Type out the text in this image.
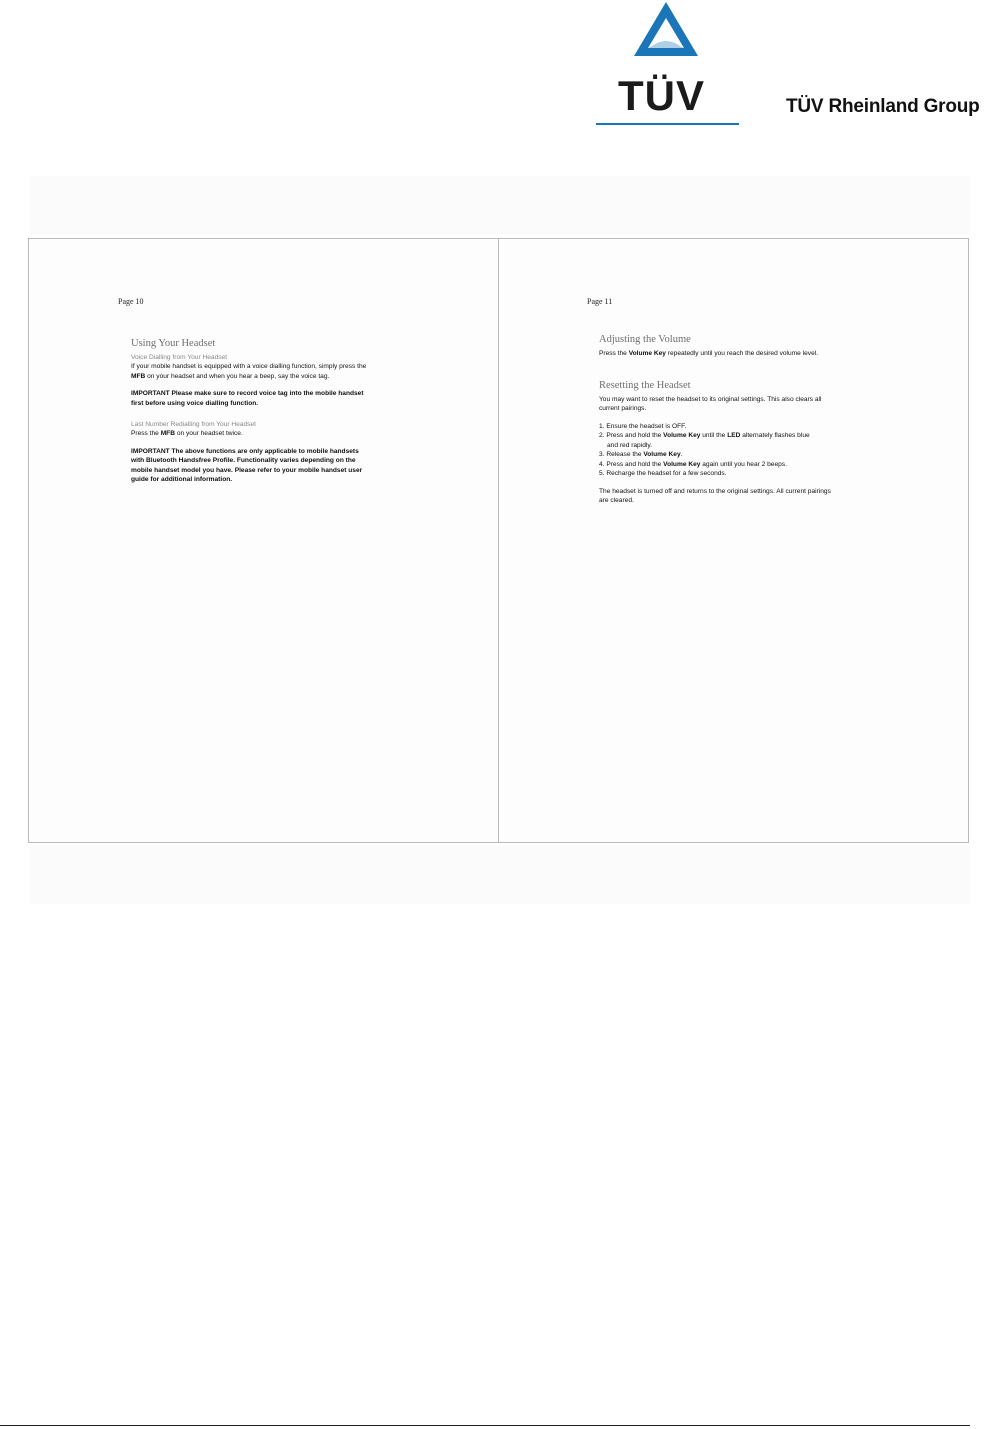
TÜV	TÜV Rheinland Group
Page 10
Using Your Headset
Voice Dialling from Your Headset

If your mobile handset is equipped with a voice dialling function, simply press the MFB on your headset and when you hear a beep, say the voice tag.

IMPORTANT Please make sure to record voice tag into the mobile handset first before using voice dialling function.

Last Number Redialling from Your Headset

Press the MFB on your headset twice.

IMPORTANT The above functions are only applicable to mobile handsets with Bluetooth Handsfree Profile. Functionality varies depending on the mobile handset model you have. Please refer to your mobile handset user guide for additional information.

Page 11
Adjusting the Volume

Press the Volume Key repeatedly until you reach the desired volume level.

Resetting the Headset

You may want to reset the headset to its original settings. This also clears all current pairings.

1. Ensure the headset is OFF.

2. Press and hold the Volume Key until the LED alternately flashes blue

and red rapidly.

3. Release the Volume Key.

4. Press and hold the Volume Key again until you hear 2 beeps.

5. Recharge the headset for a few seconds.

The headset is turned off and returns to the original settings. All current pairings are cleared.
